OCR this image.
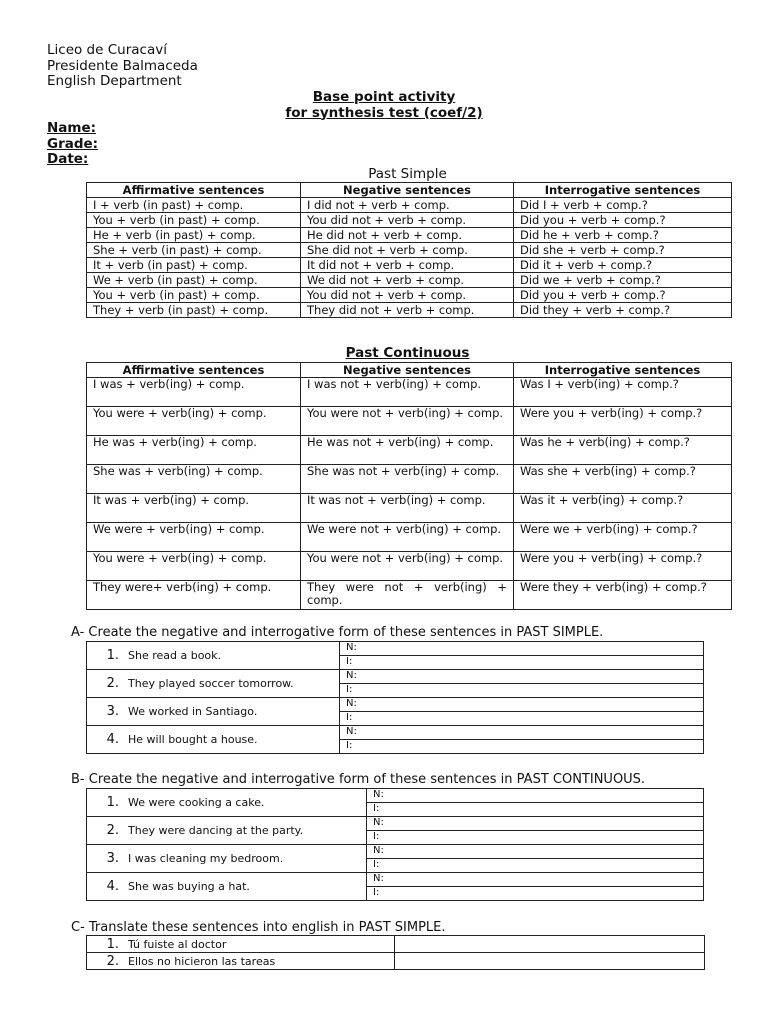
Liceo de Curacaví
Presidente Balmaceda
English Department
Base point activity
for synthesis test (coef/2)
Name:
Grade:
Date:
Past Simple
Affirmative sentences	Negative sentences	Interrogative sentences
I + verb (in past) + comp.	I did not + verb + comp.	Did I + verb + comp.?
You + verb (in past) + comp.	You did not + verb + comp.	Did you + verb + comp.?
He + verb (in past) + comp.	He did not + verb + comp.	Did he + verb + comp.?
She + verb (in past) + comp.	She did not + verb + comp.	Did she + verb + comp.?
It + verb (in past) + comp.	It did not + verb + comp.	Did it + verb + comp.?
We + verb (in past) + comp.	We did not + verb + comp.	Did we + verb + comp.?
You + verb (in past) + comp.	You did not + verb + comp.	Did you + verb + comp.?
They + verb (in past) + comp.	They did not + verb + comp.	Did they + verb + comp.?
Past Continuous
Affirmative sentences	Negative sentences	Interrogative sentences
I was + verb(ing) + comp.	I was not + verb(ing) + comp.	Was I + verb(ing) + comp.?
You were + verb(ing) + comp.	You were not + verb(ing) + comp.	Were you + verb(ing) + comp.?
He was + verb(ing) + comp.	He was not + verb(ing) + comp.	Was he + verb(ing) + comp.?
She was + verb(ing) + comp.	She was not + verb(ing) + comp.	Was she + verb(ing) + comp.?
It was + verb(ing) + comp.	It was not + verb(ing) + comp.	Was it + verb(ing) + comp.?
We were + verb(ing) + comp.	We were not + verb(ing) + comp.	Were we + verb(ing) + comp.?
You were + verb(ing) + comp.	You were not + verb(ing) + comp.	Were you + verb(ing) + comp.?
They were+ verb(ing) + comp.	They were not + verb(ing) + comp.	Were they + verb(ing) + comp.?
A- Create the negative and interrogative form of these sentences in PAST SIMPLE.
1. She read a book.	N:
	I:
2. They played soccer tomorrow.	N:
	I:
3. We worked in Santiago.	N:
	I:
4. He will bought a house.	N:
	I:
B- Create the negative and interrogative form of these sentences in PAST CONTINUOUS.
1. We were cooking a cake.	N:
	I:
2. They were dancing at the party.	N:
	I:
3. I was cleaning my bedroom.	N:
	I:
4. She was buying a hat.	N:
	I:
C- Translate these sentences into english in PAST SIMPLE.
1. Tú fuiste al doctor	
2. Ellos no hicieron las tareas	
